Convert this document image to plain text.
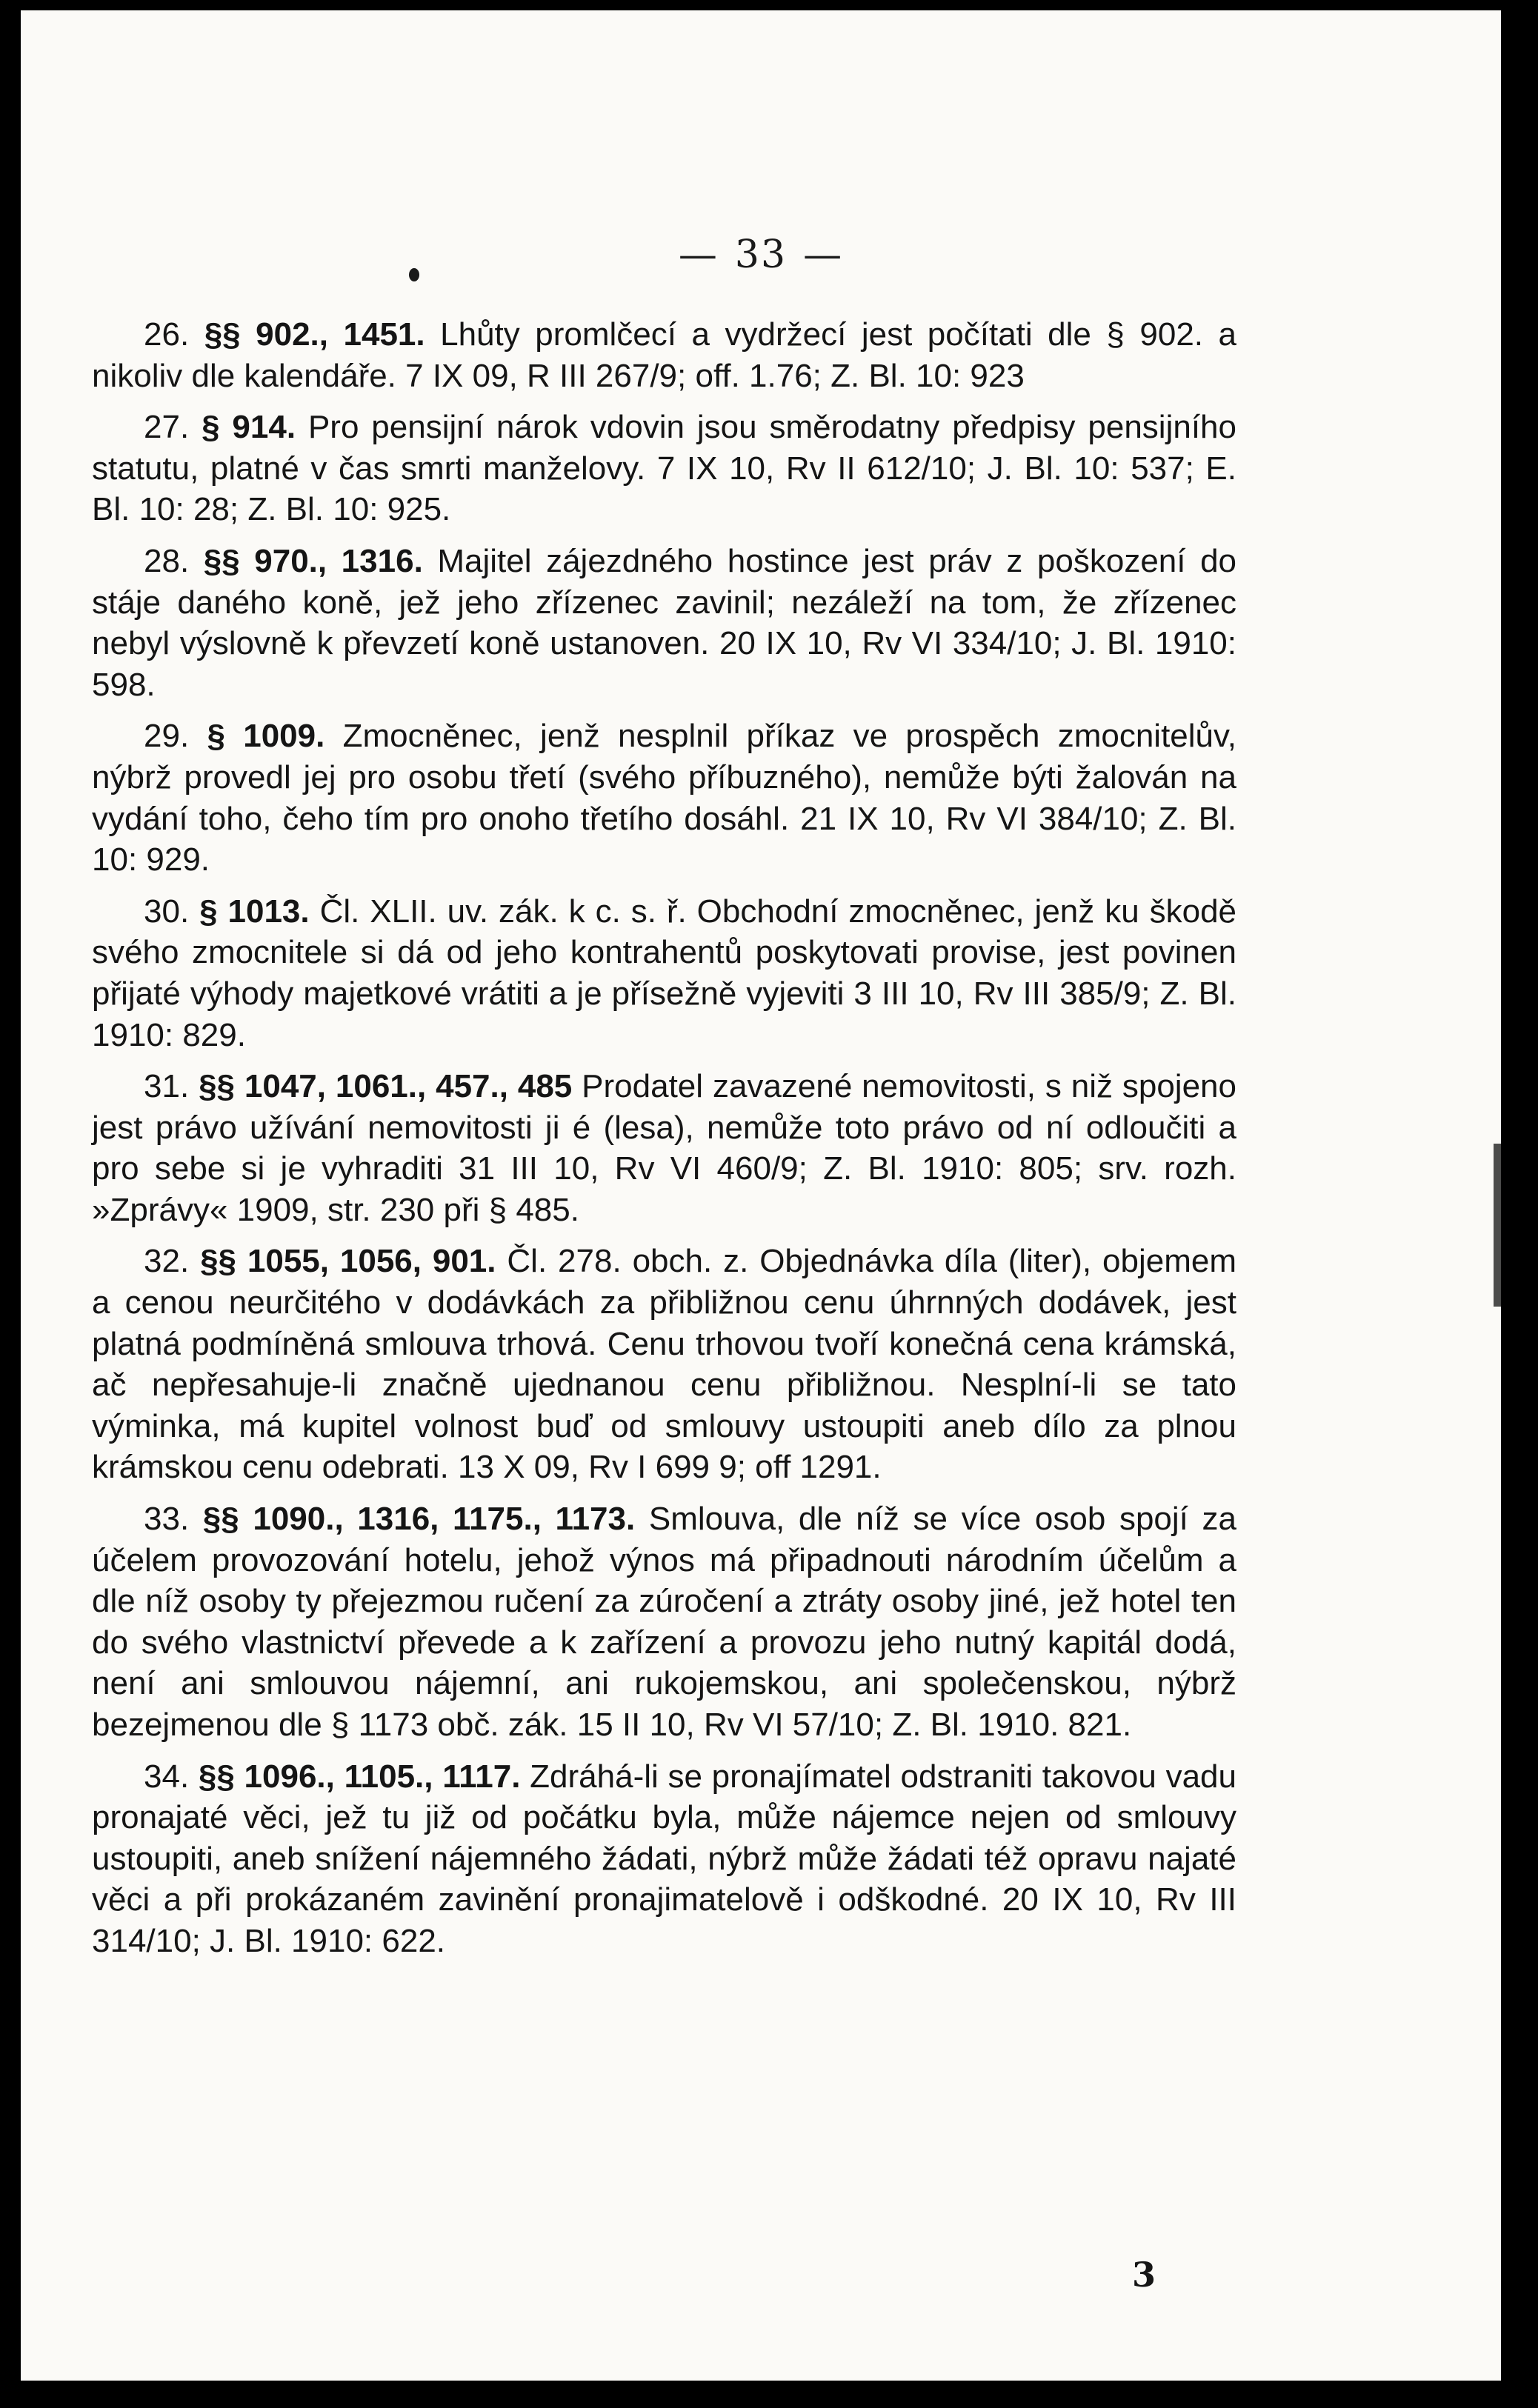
— 33 —

26. §§ 902., 1451. Lhůty promlčecí a vydržecí jest počítati dle § 902. a nikoliv dle kalendáře. 7 IX 09, R III 267/9; off. 1.76; Z. Bl. 10: 923

27. § 914. Pro pensijní nárok vdovin jsou směrodatny předpisy pensijního statutu, platné v čas smrti manželovy. 7 IX 10, Rv II 612/10; J. Bl. 10: 537; E. Bl. 10: 28; Z. Bl. 10: 925.

28. §§ 970., 1316. Majitel zájezdného hostince jest práv z poškození do stáje daného koně, jež jeho zřízenec zavinil; nezáleží na tom, že zřízenec nebyl výslovně k převzetí koně ustanoven. 20 IX 10, Rv VI 334/10; J. Bl. 1910: 598.

29. § 1009. Zmocněnec, jenž nesplnil příkaz ve prospěch zmocnitelův, nýbrž provedl jej pro osobu třetí (svého příbuzného), nemůže býti žalován na vydání toho, čeho tím pro onoho třetího dosáhl. 21 IX 10, Rv VI 384/10; Z. Bl. 10: 929.

30. § 1013. Čl. XLII. uv. zák. k c. s. ř. Obchodní zmocněnec, jenž ku škodě svého zmocnitele si dá od jeho kontrahentů poskytovati provise, jest povinen přijaté výhody majetkové vrátiti a je přísežně vyjeviti 3 III 10, Rv III 385/9; Z. Bl. 1910: 829.

31. §§ 1047, 1061., 457., 485 Prodatel zavazené nemovitosti, s niž spojeno jest právo užívání nemovitosti ji é (lesa), nemůže toto právo od ní odloučiti a pro sebe si je vyhraditi 31 III 10, Rv VI 460/9; Z. Bl. 1910: 805; srv. rozh. »Zprávy« 1909, str. 230 při § 485.

32. §§ 1055, 1056, 901. Čl. 278. obch. z. Objednávka díla (liter), objemem a cenou neurčitého v dodávkách za přibližnou cenu úhrnných dodávek, jest platná podmíněná smlouva trhová. Cenu trhovou tvoří konečná cena krámská, ač nepřesahuje-li značně ujednanou cenu přibližnou. Nesplní-li se tato výminka, má kupitel volnost buď od smlouvy ustoupiti aneb dílo za plnou krámskou cenu odebrati. 13 X 09, Rv I 699 9; off 1291.

33. §§ 1090., 1316, 1175., 1173. Smlouva, dle níž se více osob spojí za účelem provozování hotelu, jehož výnos má připadnouti národním účelům a dle níž osoby ty přejezmou ručení za zúročení a ztráty osoby jiné, jež hotel ten do svého vlastnictví převede a k zařízení a provozu jeho nutný kapitál dodá, není ani smlouvou nájemní, ani rukojemskou, ani společenskou, nýbrž bezejmenou dle § 1173 obč. zák. 15 II 10, Rv VI 57/10; Z. Bl. 1910. 821.

34. §§ 1096., 1105., 1117. Zdráhá-li se pronajímatel odstraniti takovou vadu pronajaté věci, jež tu již od počátku byla, může nájemce nejen od smlouvy ustoupiti, aneb snížení nájemného žádati, nýbrž může žádati též opravu najaté věci a při prokázaném zavinění pronajimatelově i odškodné. 20 IX 10, Rv III 314/10; J. Bl. 1910: 622.

3
